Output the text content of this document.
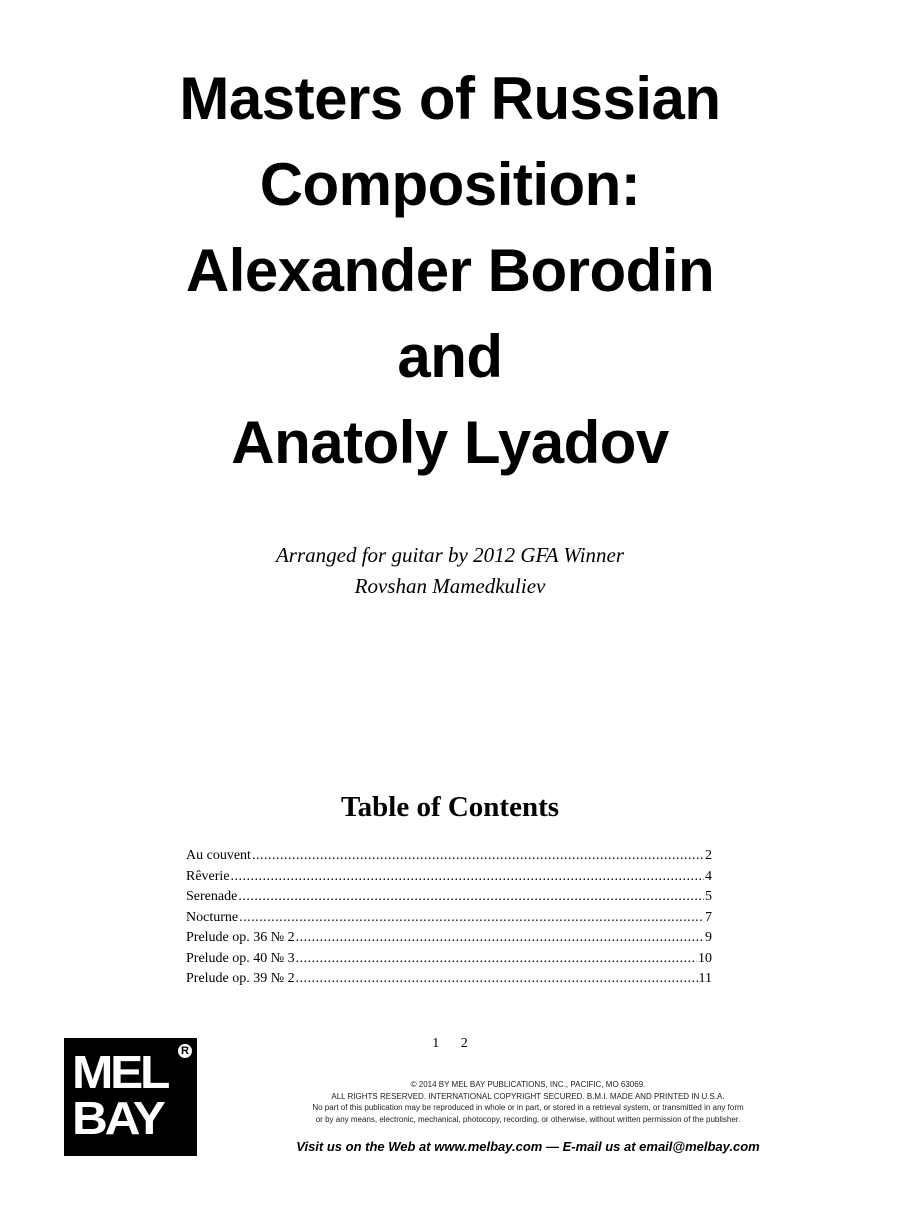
Masters of Russian
Composition:
Alexander Borodin
and
Anatoly Lyadov
Arranged for guitar by 2012 GFA Winner
Rovshan Mamedkuliev
Table of Contents
Au couvent .....	2
Rêverie .....	4
Serenade .....	5
Nocturne .....	7
Prelude op. 36 № 2 .....	9
Prelude op. 40 № 3 .....	10
Prelude op. 39 № 2 .....	11
1 2
MEL
BAY
R
© 2014 BY MEL BAY PUBLICATIONS, INC., PACIFIC, MO 63069.
ALL RIGHTS RESERVED. INTERNATIONAL COPYRIGHT SECURED. B.M.I. MADE AND PRINTED IN U.S.A.
No part of this publication may be reproduced in whole or in part, or stored in a retrieval system, or transmitted in any form
or by any means, electronic, mechanical, photocopy, recording, or otherwise, without written permission of the publisher.
Visit us on the Web at www.melbay.com — E-mail us at email@melbay.com
